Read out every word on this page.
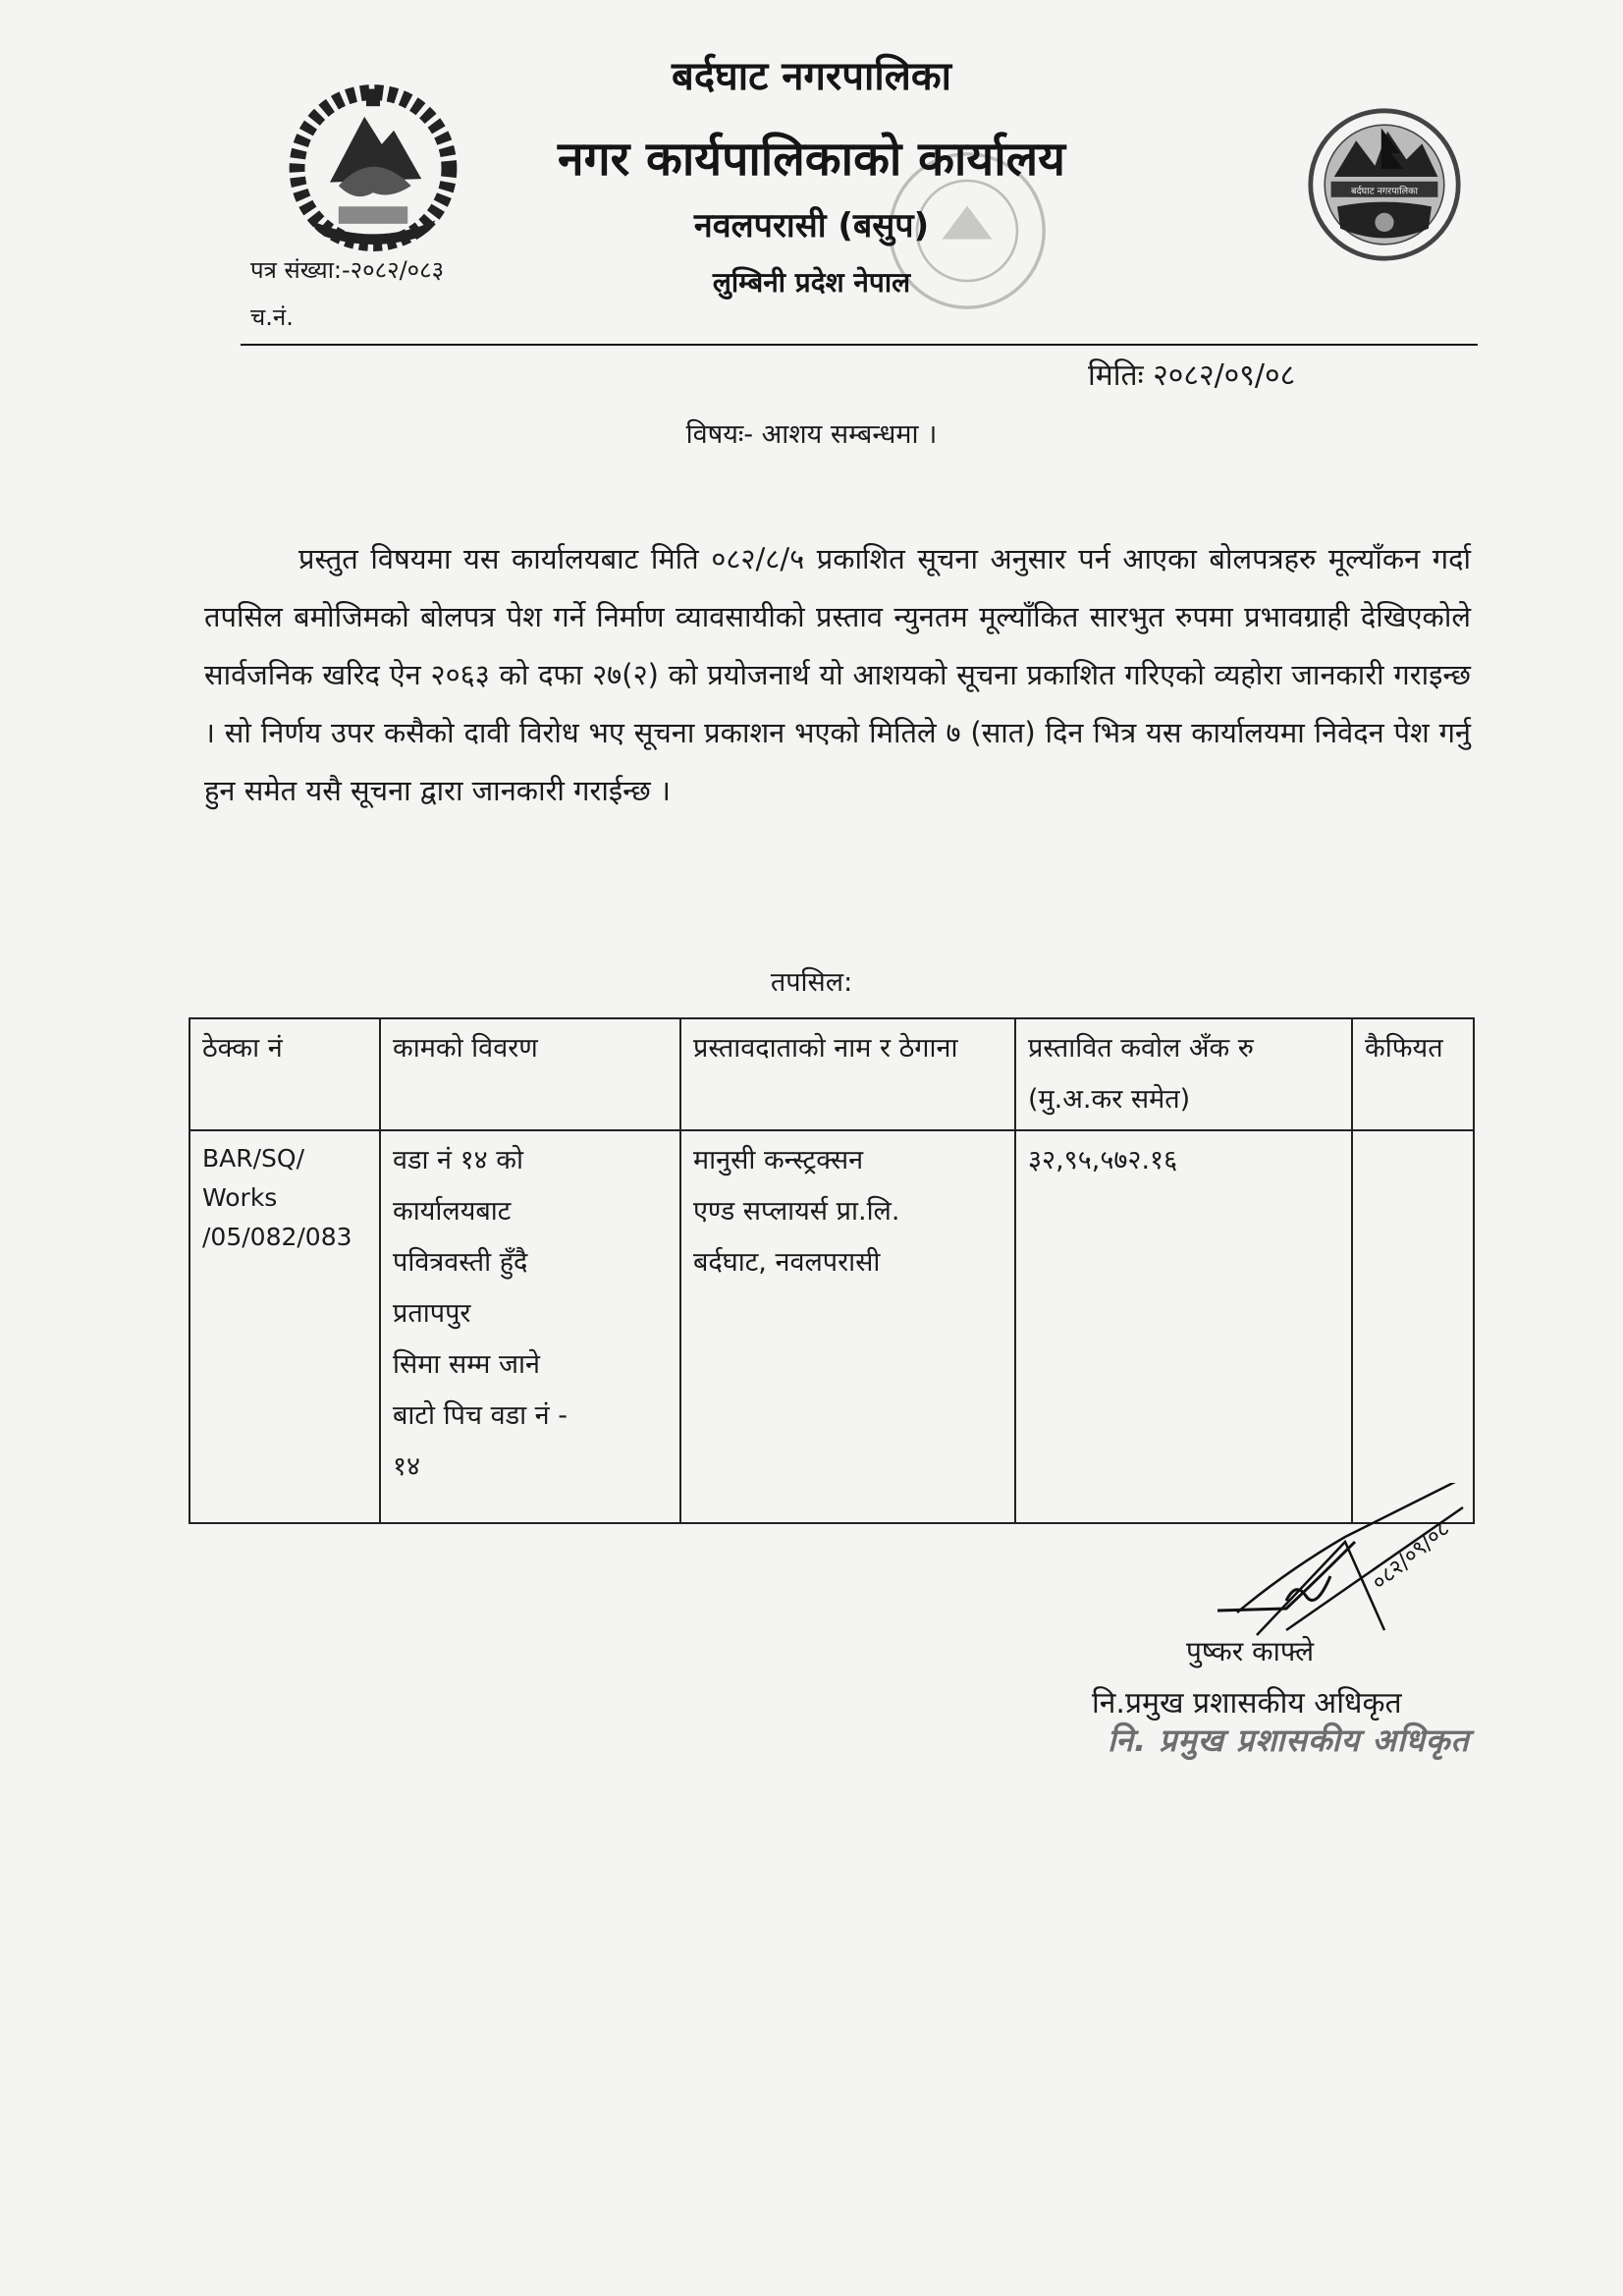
बर्दघाट नगरपालिका
बर्दघाट नगरपालिका
नगर कार्यपालिकाको कार्यालय
नवलपरासी (बसुप)
लुम्बिनी प्रदेश नेपाल
पत्र संख्या:-२०८२/०८३
च.नं.
मितिः २०८२/०९/०८
विषयः- आशय सम्बन्धमा ।

प्रस्तुत विषयमा यस कार्यालयबाट मिति ०८२/८/५ प्रकाशित सूचना अनुसार पर्न आएका बोलपत्रहरु मूल्याँकन गर्दा तपसिल बमोजिमको बोलपत्र पेश गर्ने निर्माण व्यावसायीको प्रस्ताव न्युनतम मूल्याँकित सारभुत रुपमा प्रभावग्राही देखिएकोले सार्वजनिक खरिद ऐन २०६३ को दफा २७(२) को प्रयोजनार्थ यो आशयको सूचना प्रकाशित गरिएको व्यहोरा जानकारी गराइन्छ । सो निर्णय उपर कसैको दावी विरोध भए सूचना प्रकाशन भएको मितिले ७ (सात) दिन भित्र यस कार्यालयमा निवेदन पेश गर्नु हुन समेत यसै सूचना द्वारा जानकारी गराईन्छ ।

तपसिल:
ठेक्का नं	कामको विवरण	प्रस्तावदाताको नाम र ठेगाना	प्रस्तावित कवोल अँक रु (मु.अ.कर समेत)	कैफियत

BAR/SQ/
Works
/05/082/083
	वडा नं १४ को
कार्यालयबाट
पवित्रवस्ती हुँदै
प्रतापपुर
सिमा सम्म जाने
बाटो पिच वडा नं -
१४	मानुसी कन्स्ट्रक्सन
एण्ड सप्लायर्स प्रा.लि.
बर्दघाट, नवलपरासी	३२,९५,५७२.१६	
०८२/०९/०८
पुष्कर काफ्ले
नि.प्रमुख प्रशासकीय अधिकृत
नि. प्रमुख प्रशासकीय अधिकृत
